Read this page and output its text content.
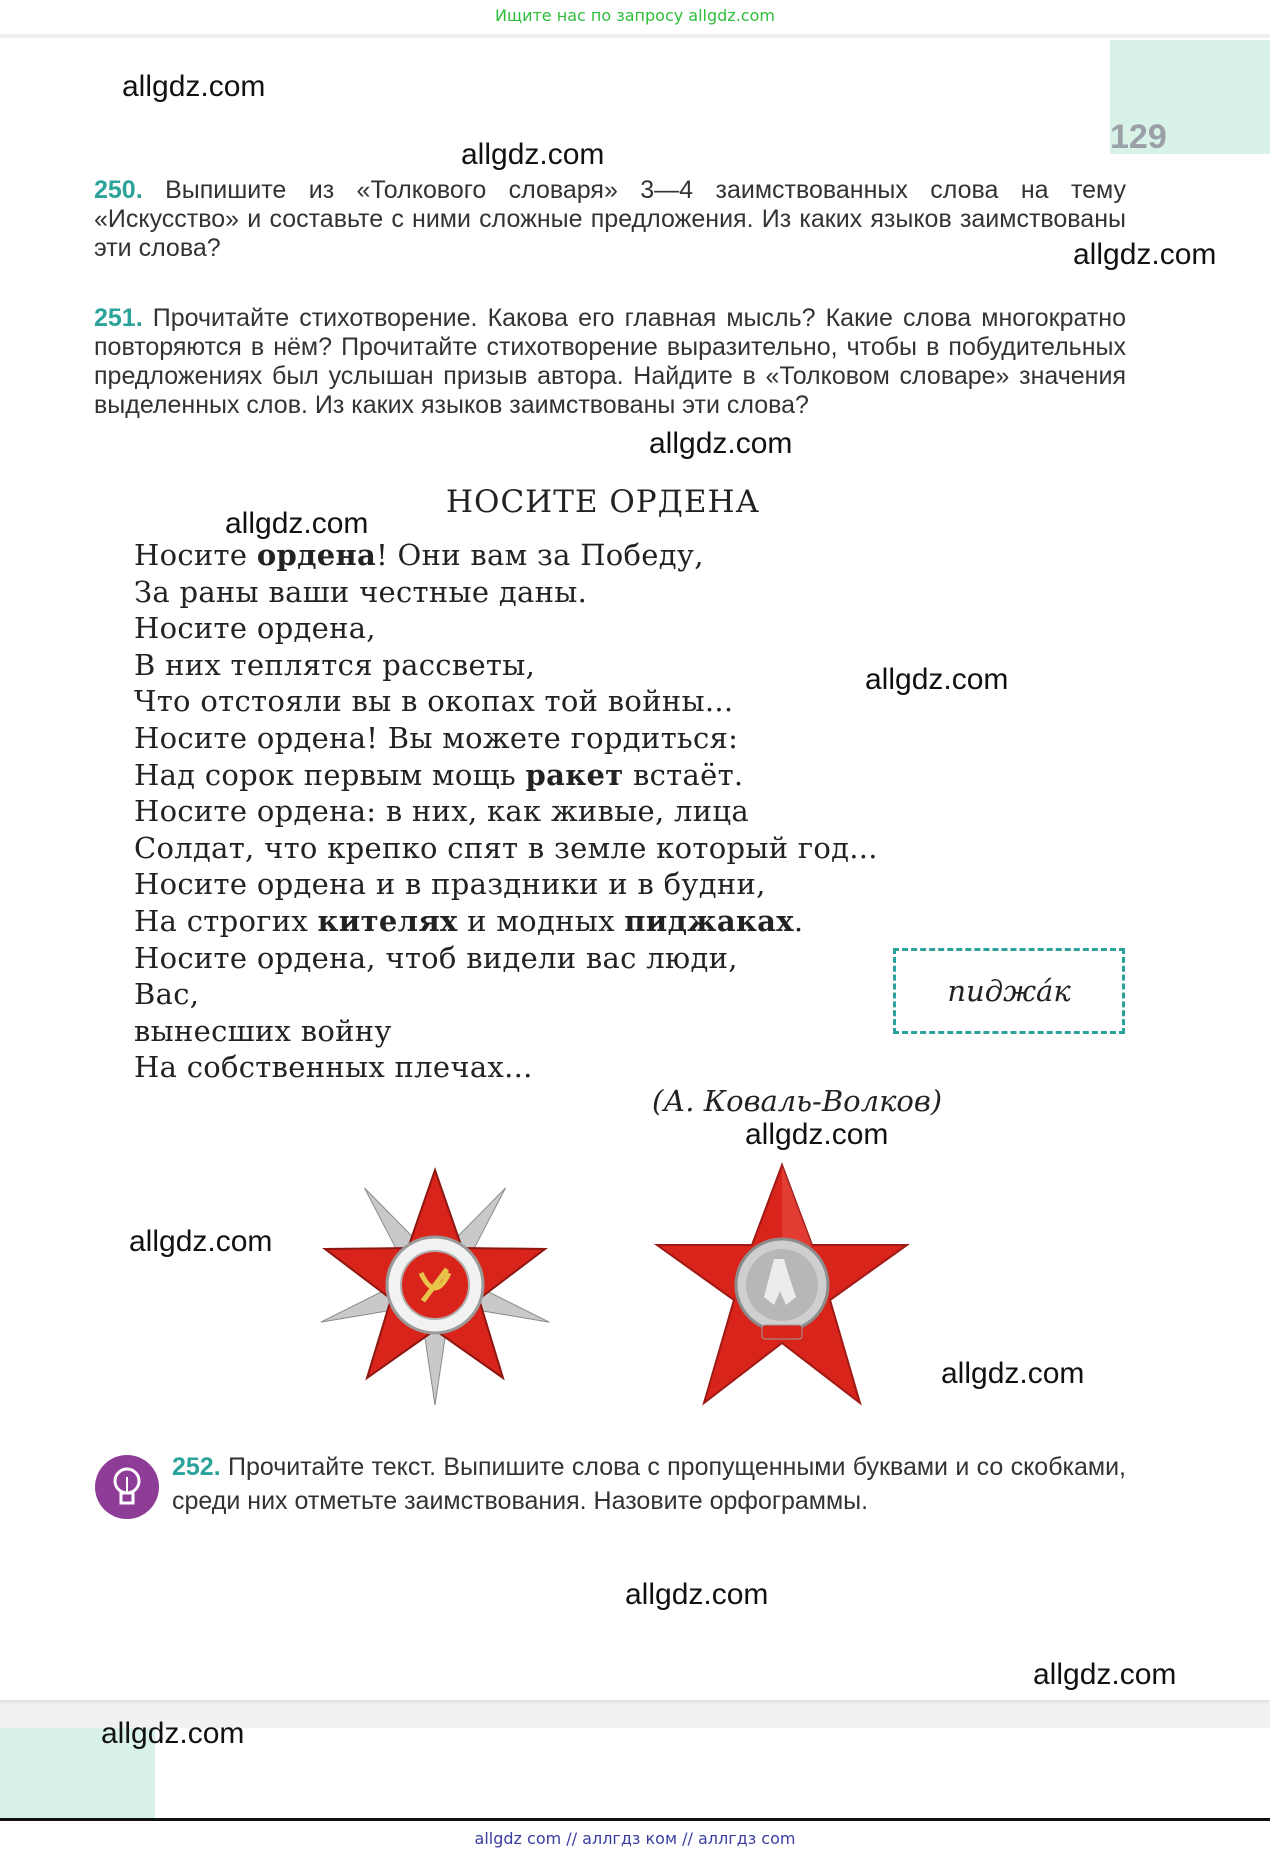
Ищите нас по запросу allgdz.com
129
250. Выпишите из «Толкового словаря» 3—4 заимствованных слова на тему «Искусство» и составьте с ними сложные предложения. Из каких языков заимствованы эти слова?
251. Прочитайте стихотворение. Какова его главная мысль? Какие слова многократно повторяются в нём? Прочитайте стихотворение выразительно, чтобы в побудительных предложениях был услышан призыв автора. Найдите в «Толковом словаре» значения выделенных слов. Из каких языков заимствованы эти слова?
НОСИТЕ ОРДЕНА
Носите ордена! Они вам за Победу,
За раны ваши честные даны.
Носите ордена,
В них теплятся рассветы,
Что отстояли вы в окопах той войны...
Носите ордена! Вы можете гордиться:
Над сорок первым мощь ракет встаёт.
Носите ордена: в них, как живые, лица
Солдат, что крепко спят в земле который год...
Носите ордена и в праздники и в будни,
На строгих кителях и модных пиджаках.
Носите ордена, чтоб видели вас люди,
Вас,
вынесших войну
На собственных плечах...
пиджáк
(А. Коваль-Волков)
252. Прочитайте текст. Выпишите слова с пропущенными буквами и со скобками, среди них отметьте заимствования. Назовите орфограммы.
allgdz.com
allgdz.com
allgdz.com
allgdz.com
allgdz.com
allgdz.com
allgdz.com
allgdz.com
allgdz.com
allgdz.com
allgdz.com
allgdz.com
allgdz com // аллгдз ком // аллгдз com
